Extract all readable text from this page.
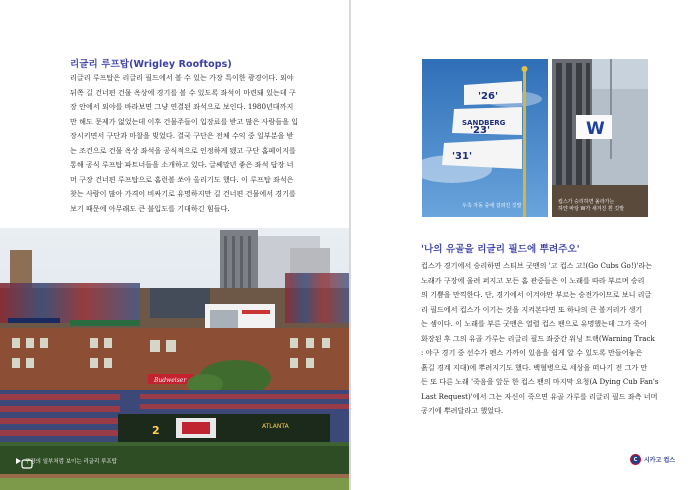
리글리 루프탑(Wrigley Rooftops)
리글리 루프탑은 리글리 필드에서 볼 수 있는 가장 특이한 광경이다. 외야
뒤쪽 길 건너편 건물 옥상에 경기를 볼 수 있도록 좌석이 마련돼 있는데 구
장 안에서 외야를 바라보면 그냥 연결된 좌석으로 보인다. 1980년대까지
만 해도 문제가 없었는데 이후 건물주들이 입장료를 받고 많은 사람들을 입
장시키면서 구단과 마찰을 빚었다. 결국 구단은 전체 수익 중 일부분을 받
는 조건으로 건물 옥상 좌석을 공식적으로 인정하게 됐고 구단 홈페이지를
통해 공식 루프탑 파트너들을 소개하고 있다. 글쎄말년 좋은 좌석 답장 너
머 구장 건너편 루프탑으로 홈런볼 쏘아 올리기도 했다. 이 루프탑 좌석은
찾는 사람이 많아 가격이 비싸기로 유명하지만 길 건너편 건물에서 경기를
보기 때문에 아무래도 큰 불입도를 기대하긴 힘들다.
Budweiser
2	ATLANTA
구장의 일부처럼 보이는 리글리 루프탑
'26'
SANDBERG
'23'
'31'
우측 자동 중에 걸려진 깃발
W
컵스가 승리하면 올라가는
하얀 바탕 W가 새겨진 흰 깃발
'나의 유골을 리글리 필드에 뿌려주오'
컵스가 경기에서 승리하면 스티브 굿맨의 '고 컵스 고!(Go Cubs Go!)'라는
노래가 구장에 울려 퍼지고 모든 홈 관중들은 이 노래를 따라 부르며 승리
의 기쁨을 만끽한다. 단, 경기에서 이겨야만 부르는 승전가이므로 보니 리글
리 필드에서 컵스가 이기는 것을 지켜본다면 또 하나의 큰 볼거리가 생기
는 셈이다. 이 노래를 부른 굿맨은 열렬 컵스 팬으로 유명했는데 그가 죽어
화장된 후 그의 유골 가루는 리글리 필드 좌중간 워닝 트랙(Warning Track
: 야구 경기 중 선수가 펜스 가까이 있음을 쉽게 알 수 있도록 만들어놓은
흙길 경계 지대)에 뿌려지기도 했다. 백혈병으로 세상을 떠나기 전 그가 만
든 또 다른 노래 '죽음을 앞둔 한 컵스 팬의 마지막 요청(A Dying Cub Fan's
Last Request)'에서 그는 자신이 죽으면 유골 가루를 리글리 필드 좌측 너머
공기에 뿌려달라고 했었다.
C	시카고 컵스
